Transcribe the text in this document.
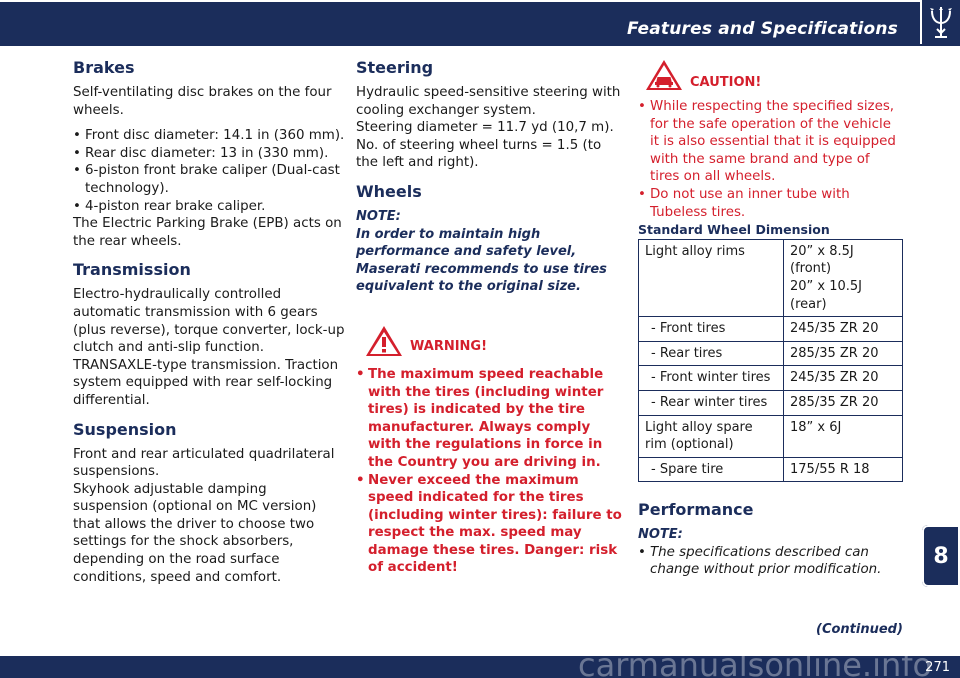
Features and Specifications
Brakes

Self-ventilating disc brakes on the four wheels.

• Front disc diameter: 14.1 in (360 mm).

• Rear disc diameter: 13 in (330 mm).

• 6-piston front brake caliper (Dual-cast technology).

• 4-piston rear brake caliper.

The Electric Parking Brake (EPB) acts on the rear wheels.

Transmission

Electro-hydraulically controlled automatic transmission with 6 gears (plus reverse), torque converter, lock-up clutch and anti-slip function. TRANSAXLE-type transmission. Traction system equipped with rear self-locking differential.

Suspension

Front and rear articulated quadrilateral suspensions.

Skyhook adjustable damping suspension (optional on MC version) that allows the driver to choose two settings for the shock absorbers, depending on the road surface conditions, speed and comfort.

Steering

Hydraulic speed-sensitive steering with cooling exchanger system.

Steering diameter = 11.7 yd (10,7 m).

No. of steering wheel turns = 1.5 (to the left and right).

Wheels

NOTE:

In order to maintain high performance and safety level, Maserati recommends to use tires equivalent to the original size.

WARNING!

• The maximum speed reachable with the tires (including winter tires) is indicated by the tire manufacturer. Always comply with the regulations in force in the Country you are driving in.

• Never exceed the maximum speed indicated for the tires (including winter tires): failure to respect the max. speed may damage these tires. Danger: risk of accident!

CAUTION!

• While respecting the specified sizes, for the safe operation of the vehicle it is also essential that it is equipped with the same brand and type of tires on all wheels.

• Do not use an inner tube with Tubeless tires.

Standard Wheel Dimension

Light alloy rims	20” x 8.5J (front)
20” x 10.5J (rear)
- Front tires	245/35 ZR 20
- Rear tires	285/35 ZR 20
- Front winter tires	245/35 ZR 20
- Rear winter tires	285/35 ZR 20
Light alloy spare rim (optional)	18” x 6J
- Spare tire	175/55 R 18
Performance

NOTE:

• The specifications described can change without prior modification.

(Continued)
8
carmanualsonline.info
271
